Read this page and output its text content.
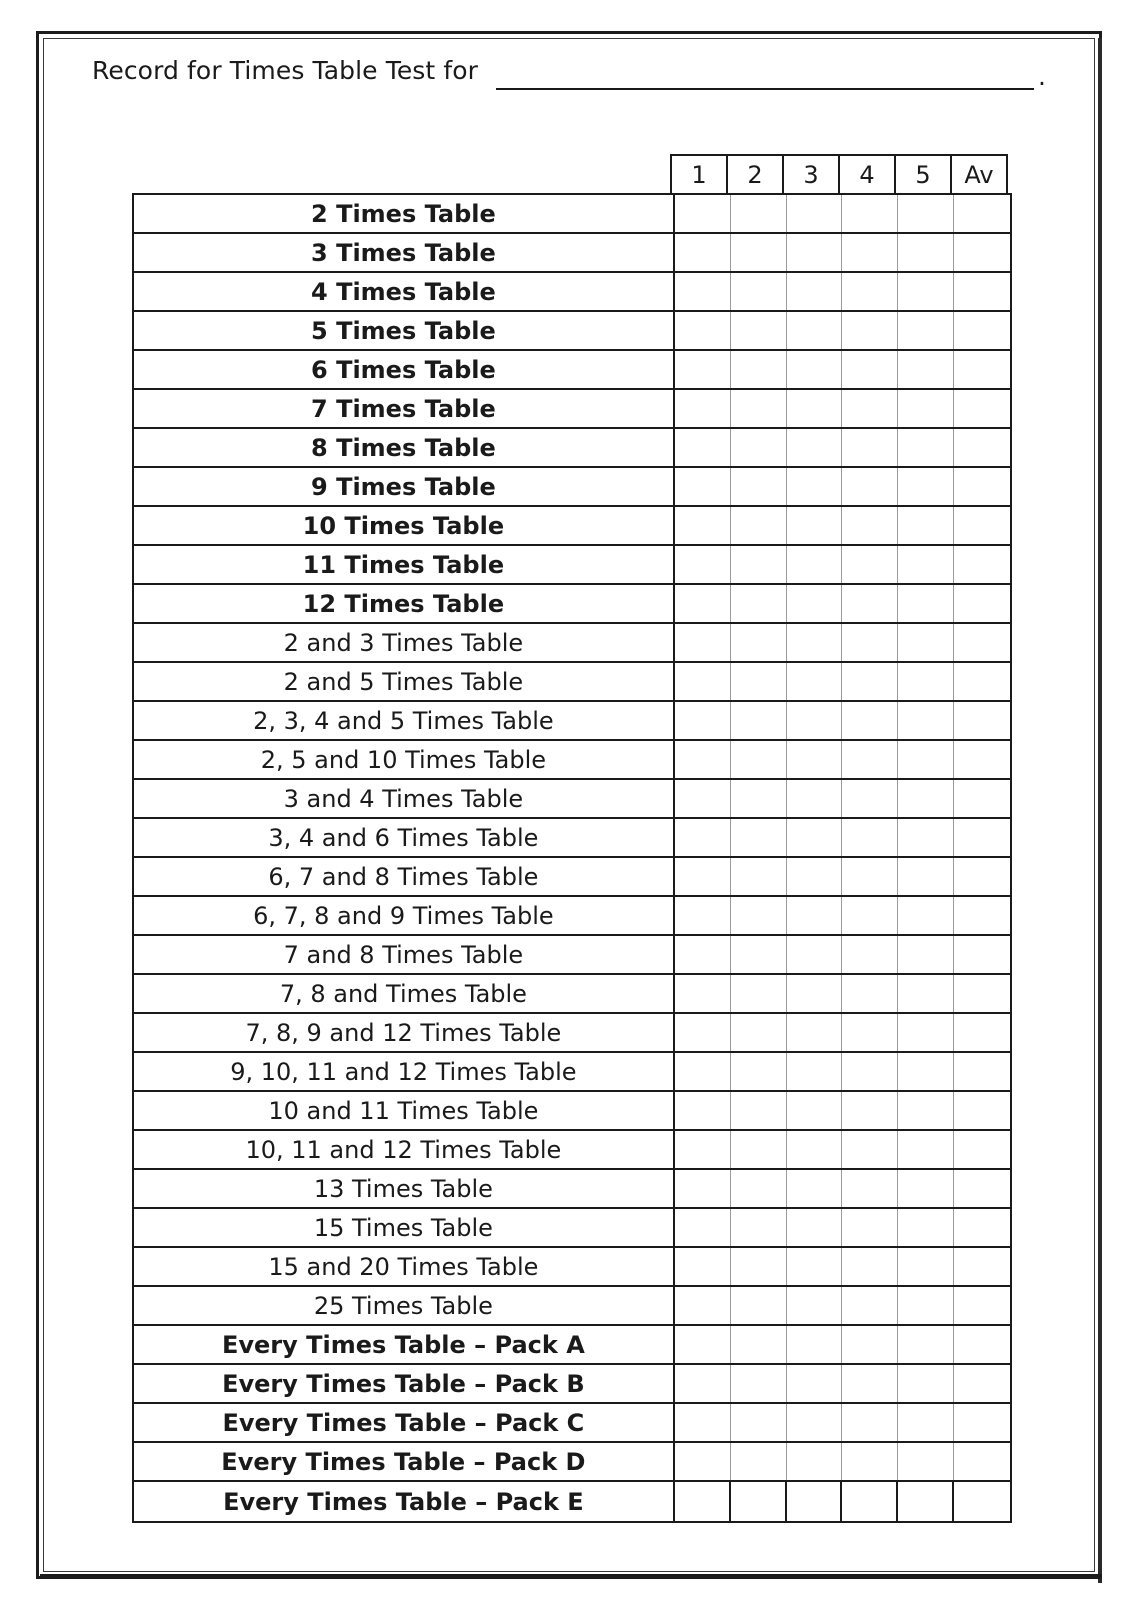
Record for Times Table Test for	.
1	2	3	4	5	Av
2 Times Table
3 Times Table
4 Times Table
5 Times Table
6 Times Table
7 Times Table
8 Times Table
9 Times Table
10 Times Table
11 Times Table
12 Times Table
2 and 3 Times Table
2 and 5 Times Table
2, 3, 4 and 5 Times Table
2, 5 and 10 Times Table
3 and 4 Times Table
3, 4 and 6 Times Table
6, 7 and 8 Times Table
6, 7, 8 and 9 Times Table
7 and 8 Times Table
7, 8 and Times Table
7, 8, 9 and 12 Times Table
9, 10, 11 and 12 Times Table
10 and 11 Times Table
10, 11 and 12 Times Table
13 Times Table
15 Times Table
15 and 20 Times Table
25 Times Table
Every Times Table – Pack A
Every Times Table – Pack B
Every Times Table – Pack C
Every Times Table – Pack D
Every Times Table – Pack E
